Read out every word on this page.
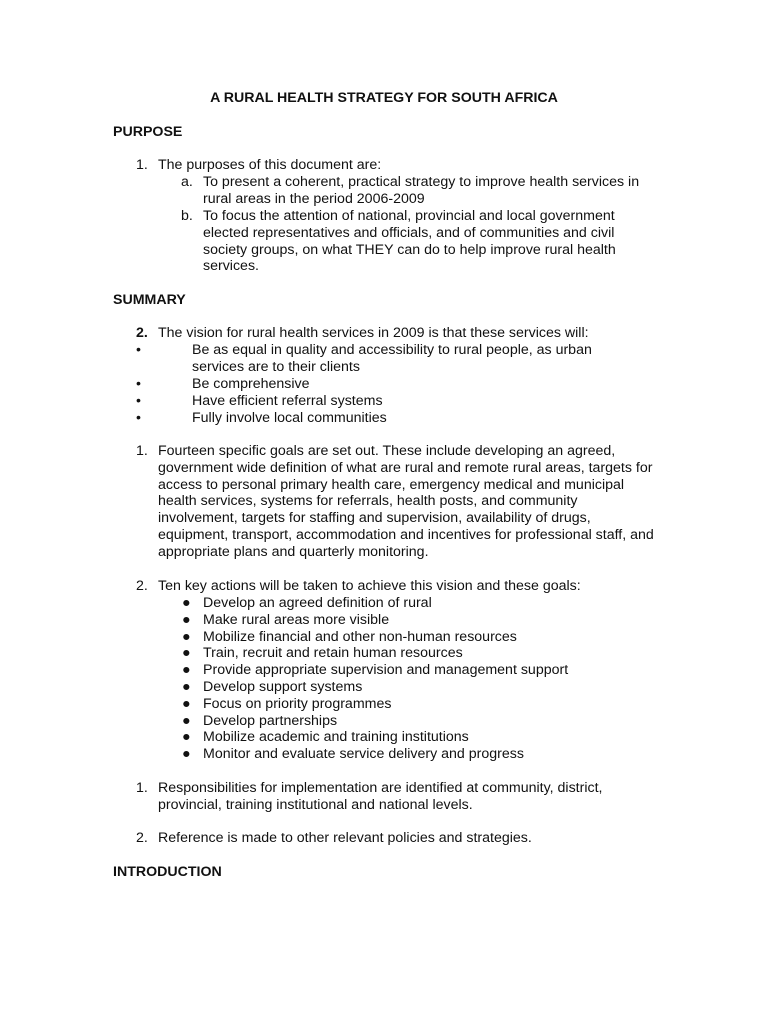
A RURAL HEALTH STRATEGY FOR SOUTH AFRICA
PURPOSE
1. The purposes of this document are:
a. To present a coherent, practical strategy to improve health services in rural areas in the period 2006-2009
b. To focus the attention of national, provincial and local government elected representatives and officials, and of communities and civil society groups, on what THEY can do to help improve rural health services.
SUMMARY
2. The vision for rural health services in 2009 is that these services will:
•	Be as equal in quality and accessibility to rural people, as urban services are to their clients
•	Be comprehensive
•	Have efficient referral systems
•	Fully involve local communities
1. Fourteen specific goals are set out. These include developing an agreed, government wide definition of what are rural and remote rural areas, targets for access to personal primary health care, emergency medical and municipal health services, systems for referrals, health posts, and community involvement, targets for staffing and supervision, availability of drugs, equipment, transport, accommodation and incentives for professional staff, and appropriate plans and quarterly monitoring.
2. Ten key actions will be taken to achieve this vision and these goals:
● Develop an agreed definition of rural
● Make rural areas more visible
● Mobilize financial and other non-human resources
● Train, recruit and retain human resources
● Provide appropriate supervision and management support
● Develop support systems
● Focus on priority programmes
● Develop partnerships
● Mobilize academic and training institutions
● Monitor and evaluate service delivery and progress
1. Responsibilities for implementation are identified at community, district, provincial, training institutional and national levels.
2. Reference is made to other relevant policies and strategies.
INTRODUCTION
